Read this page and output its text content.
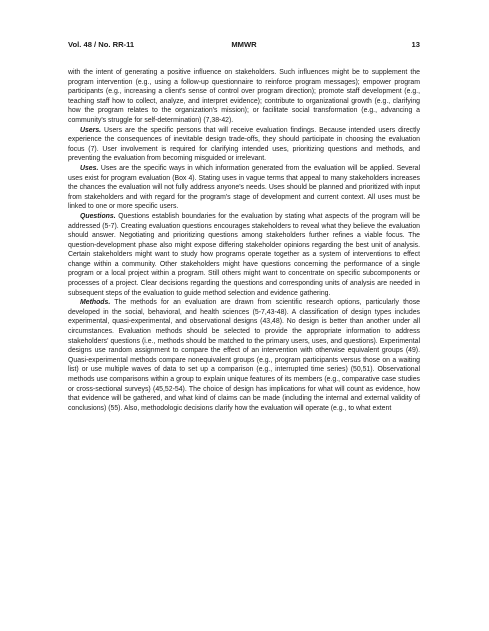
Vol. 48 / No. RR-11	MMWR	13

with the intent of generating a positive influence on stakeholders. Such influences might be to supplement the program intervention (e.g., using a follow-up questionnaire to reinforce program messages); empower program participants (e.g., increasing a client's sense of control over program direction); promote staff development (e.g., teaching staff how to collect, analyze, and interpret evidence); contribute to organizational growth (e.g., clarifying how the program relates to the organization's mission); or facilitate social transformation (e.g., advancing a community's struggle for self-determination) (7,38-42).

Users. Users are the specific persons that will receive evaluation findings. Because intended users directly experience the consequences of inevitable design trade-offs, they should participate in choosing the evaluation focus (7). User involvement is required for clarifying intended uses, prioritizing questions and methods, and preventing the evaluation from becoming misguided or irrelevant.

Uses. Uses are the specific ways in which information generated from the evaluation will be applied. Several uses exist for program evaluation (Box 4). Stating uses in vague terms that appeal to many stakeholders increases the chances the evaluation will not fully address anyone's needs. Uses should be planned and prioritized with input from stakeholders and with regard for the program's stage of development and current context. All uses must be linked to one or more specific users.

Questions. Questions establish boundaries for the evaluation by stating what aspects of the program will be addressed (5-7). Creating evaluation questions encourages stakeholders to reveal what they believe the evaluation should answer. Negotiating and prioritizing questions among stakeholders further refines a viable focus. The question-development phase also might expose differing stakeholder opinions regarding the best unit of analysis. Certain stakeholders might want to study how programs operate together as a system of interventions to effect change within a community. Other stakeholders might have questions concerning the performance of a single program or a local project within a program. Still others might want to concentrate on specific subcomponents or processes of a project. Clear decisions regarding the questions and corresponding units of analysis are needed in subsequent steps of the evaluation to guide method selection and evidence gathering.

Methods. The methods for an evaluation are drawn from scientific research options, particularly those developed in the social, behavioral, and health sciences (5-7,43-48). A classification of design types includes experimental, quasi-experimental, and observational designs (43,48). No design is better than another under all circumstances. Evaluation methods should be selected to provide the appropriate information to address stakeholders' questions (i.e., methods should be matched to the primary users, uses, and questions). Experimental designs use random assignment to compare the effect of an intervention with otherwise equivalent groups (49). Quasi-experimental methods compare nonequivalent groups (e.g., program participants versus those on a waiting list) or use multiple waves of data to set up a comparison (e.g., interrupted time series) (50,51). Observational methods use comparisons within a group to explain unique features of its members (e.g., comparative case studies or cross-sectional surveys) (45,52-54). The choice of design has implications for what will count as evidence, how that evidence will be gathered, and what kind of claims can be made (including the internal and external validity of conclusions) (55). Also, methodologic decisions clarify how the evaluation will operate (e.g., to what extent
